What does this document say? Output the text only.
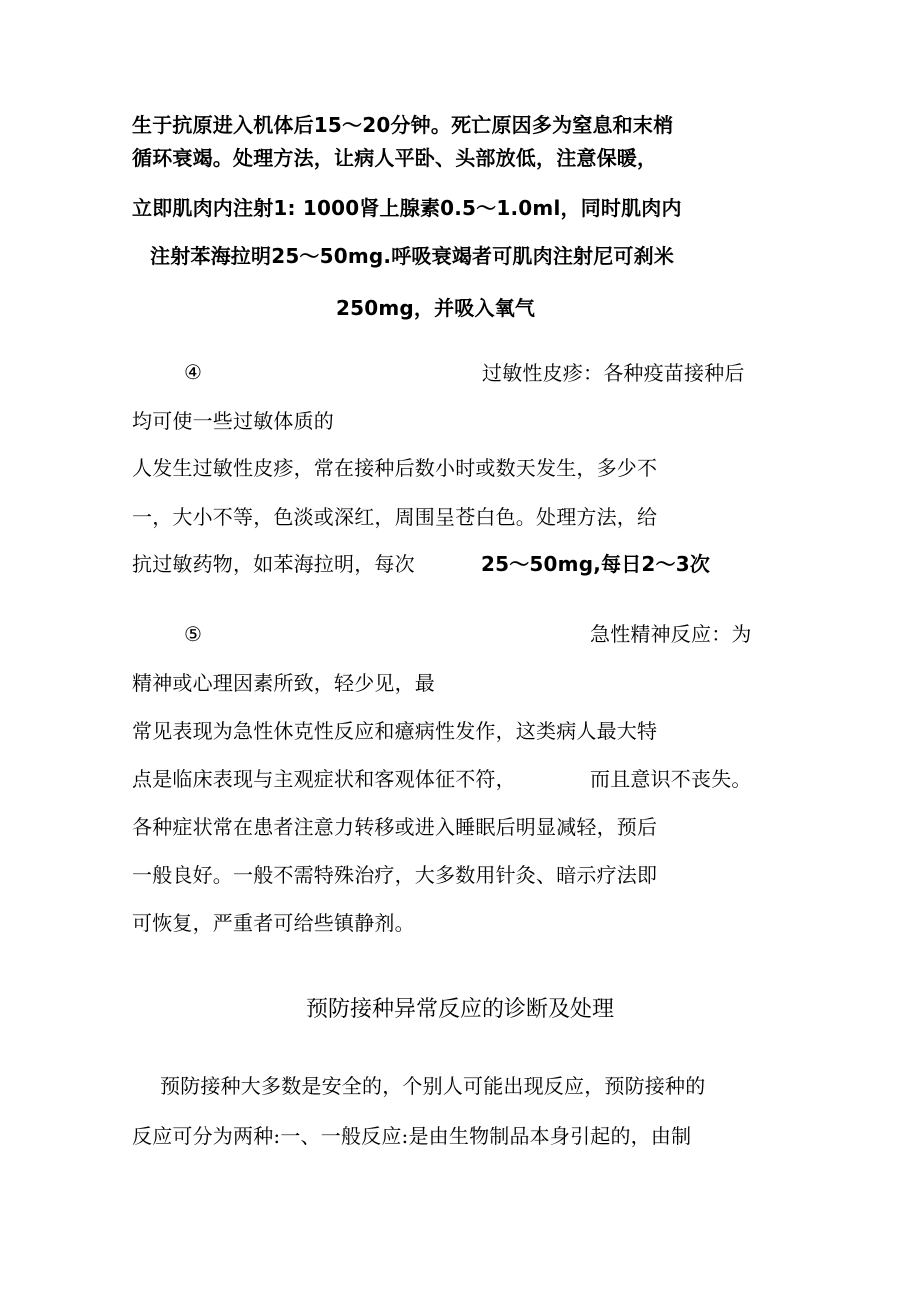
生于抗原进入机体后15～20分钟。死亡原因多为窒息和末梢
循环衰竭。处理方法，让病人平卧、头部放低，注意保暖，
立即肌肉内注射1: 1000肾上腺素0.5～1.0ml，同时肌肉内
注射苯海拉明25～50mg.呼吸衰竭者可肌肉注射尼可刹米
250mg，并吸入氧气
④	过敏性皮疹：各种疫苗接种后
均可使一些过敏体质的
人发生过敏性皮疹，常在接种后数小时或数天发生，多少不
一，大小不等，色淡或深红，周围呈苍白色。处理方法，给
抗过敏药物，如苯海拉明，每次	25～50mg,每日2～3次
⑤	急性精神反应：为
精神或心理因素所致，轻少见，最
常见表现为急性休克性反应和癔病性发作，这类病人最大特
点是临床表现与主观症状和客观体征不符，	而且意识不丧失。
各种症状常在患者注意力转移或进入睡眠后明显减轻，预后
一般良好。一般不需特殊治疗，大多数用针灸、暗示疗法即
可恢复，严重者可给些镇静剂。
预防接种异常反应的诊断及处理
预防接种大多数是安全的，个别人可能出现反应，预防接种的
反应可分为两种:一、一般反应:是由生物制品本身引起的，由制
